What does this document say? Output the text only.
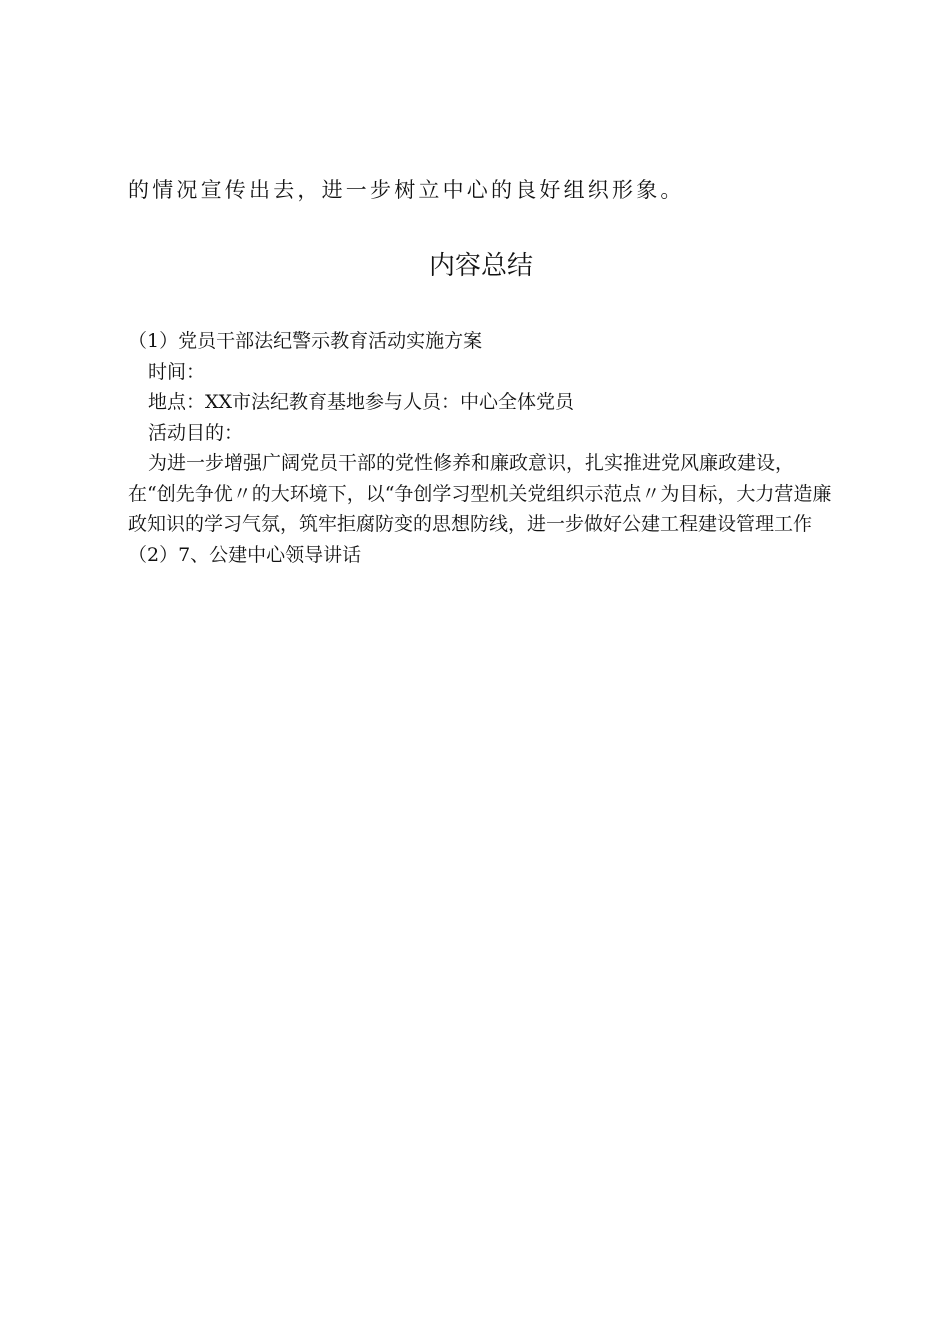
的情况宣传出去，进一步树立中心的良好组织形象。
内容总结
（1）党员干部法纪警示教育活动实施方案
时间：
地点：XX市法纪教育基地参与人员：中心全体党员
活动目的：
为进一步增强广阔党员干部的党性修养和廉政意识，扎实推进党风廉政建设，在“创先争优〃的大环境下，以“争创学习型机关党组织示范点〃为目标，大力营造廉政知识的学习气氛，筑牢拒腐防变的思想防线，进一步做好公建工程建设管理工作
（2）7、公建中心领导讲话
